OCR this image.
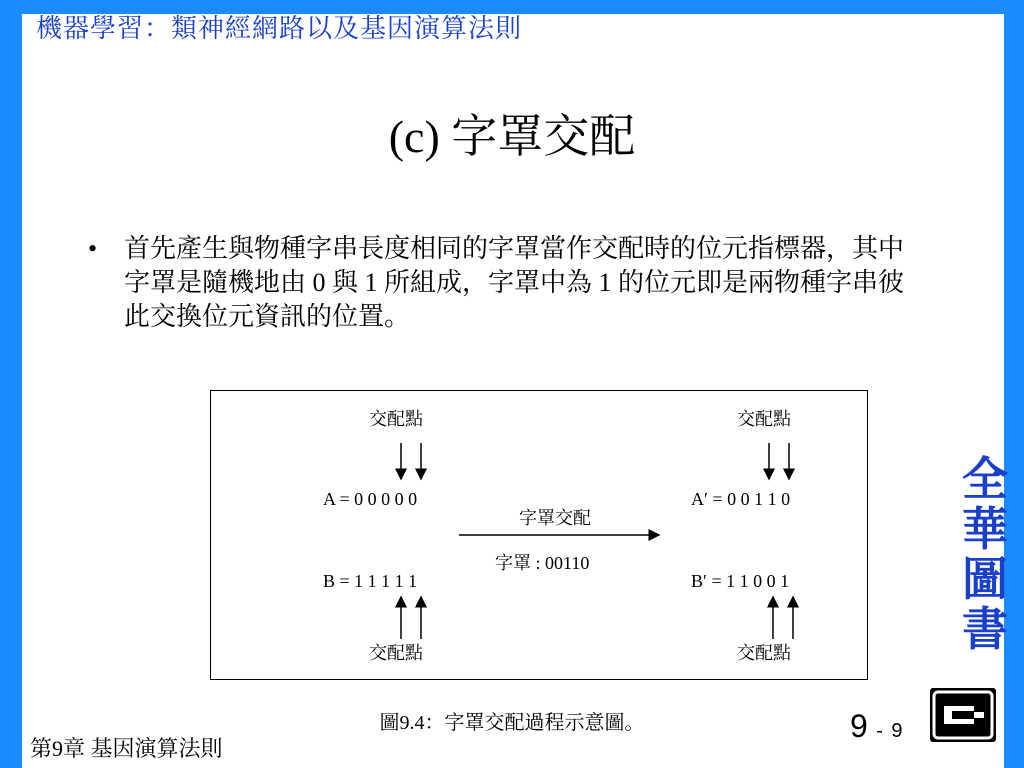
機器學習：類神經網路以及基因演算法則
(c) 字罩交配
• 首先產生與物種字串長度相同的字罩當作交配時的位元指標器，其中字罩是隨機地由 0 與 1 所組成，字罩中為 1 的位元即是兩物種字串彼此交換位元資訊的位置。
交配點	交配點
A = 0 0 0 0 0	A′ = 0 0 1 1 0
B = 1 1 1 1 1	B′ = 1 1 0 0 1
字罩交配
字罩 : 00110
交配點	交配點
圖9.4：字罩交配過程示意圖。
全
華
圖
書
9 - 9
第9章 基因演算法則
